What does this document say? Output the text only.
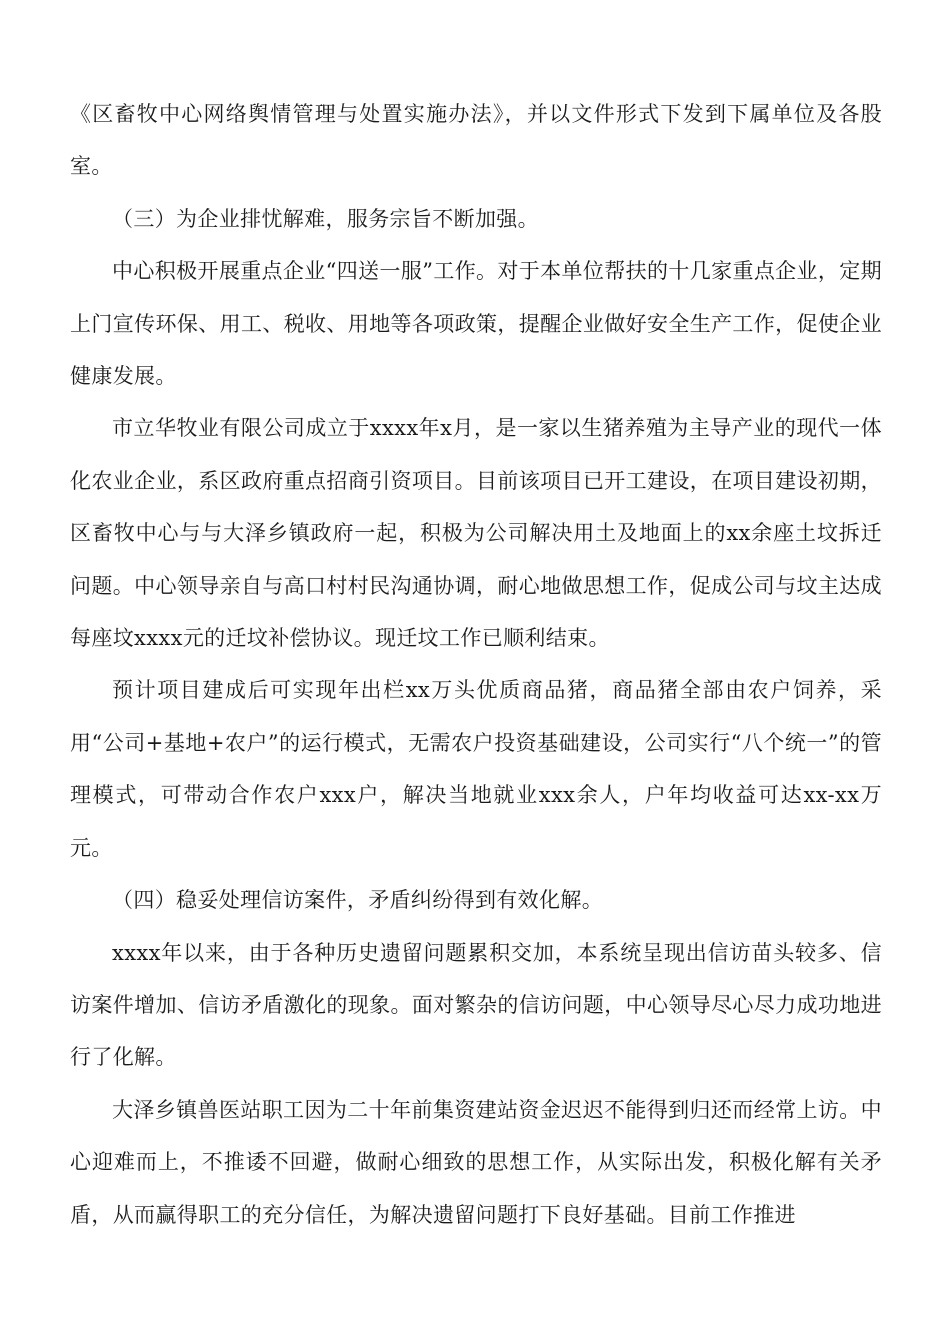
《区畜牧中心网络舆情管理与处置实施办法》，并以文件形式下发到下属单位及各股室。

（三）为企业排忧解难，服务宗旨不断加强。

中心积极开展重点企业“四送一服”工作。对于本单位帮扶的十几家重点企业，定期上门宣传环保、用工、税收、用地等各项政策，提醒企业做好安全生产工作，促使企业健康发展。

市立华牧业有限公司成立于xxxx年x月，是一家以生猪养殖为主导产业的现代一体化农业企业，系区政府重点招商引资项目。目前该项目已开工建设，在项目建设初期，区畜牧中心与与大泽乡镇政府一起，积极为公司解决用土及地面上的xx余座土坟拆迁问题。中心领导亲自与高口村村民沟通协调，耐心地做思想工作，促成公司与坟主达成每座坟xxxx元的迁坟补偿协议。现迁坟工作已顺利结束。

预计项目建成后可实现年出栏xx万头优质商品猪，商品猪全部由农户饲养，采用“公司+基地+农户”的运行模式，无需农户投资基础建设，公司实行“八个统一”的管理模式，可带动合作农户xxx户，解决当地就业xxx余人，户年均收益可达xx-xx万元。

（四）稳妥处理信访案件，矛盾纠纷得到有效化解。

xxxx年以来，由于各种历史遗留问题累积交加，本系统呈现出信访苗头较多、信访案件增加、信访矛盾激化的现象。面对繁杂的信访问题，中心领导尽心尽力成功地进行了化解。

大泽乡镇兽医站职工因为二十年前集资建站资金迟迟不能得到归还而经常上访。中心迎难而上，不推诿不回避，做耐心细致的思想工作，从实际出发，积极化解有关矛盾，从而赢得职工的充分信任，为解决遗留问题打下良好基础。目前工作推进
